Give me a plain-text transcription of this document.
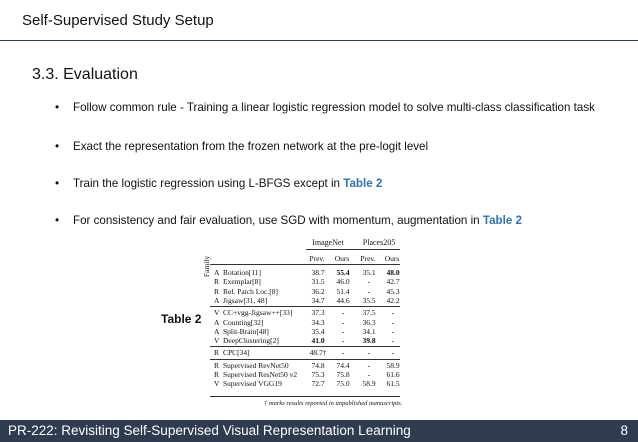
Self-Supervised Study Setup
3.3. Evaluation
• Follow common rule - Training a linear logistic regression model to solve multi-class classification task
• Exact the representation from the frozen network at the pre-logit level
• Train the logistic regression using L-BFGS except in Table 2
• For consistency and fair evaluation, use SGD with momentum, augmentation in Table 2
Table 2
Family
ImageNet	Places205
Prev.	Ours	Prev.	Ours
A Rotation[11]	38.7	55.4	35.1	48.0
R Exemplar[8]	31.5	46.0	-	42.7
R Rel. Patch Loc.[8]	36.2	51.4	-	45.3
A Jigsaw[31, 48]	34.7	44.6	35.5	42.2
V CC+vgg-Jigsaw++[33]	37.3	-	37.5	-
A Counting[32]	34.3	-	36.3	-
A Split-Brain[48]	35.4	-	34.1	-
V DeepClustering[2]	41.0	-	39.8	-
R CPC[34]	48.7†	-	-	-
R Supervised RevNet50	74.8	74.4	-	58.9
R Supervised ResNet50 v2	75.3	75.8	-	61.6
V Supervised VGG19	72.7	75.0	58.9	61.5
† marks results reported in unpublished manuscripts.
PR-222: Revisiting Self-Supervised Visual Representation Learning	8
